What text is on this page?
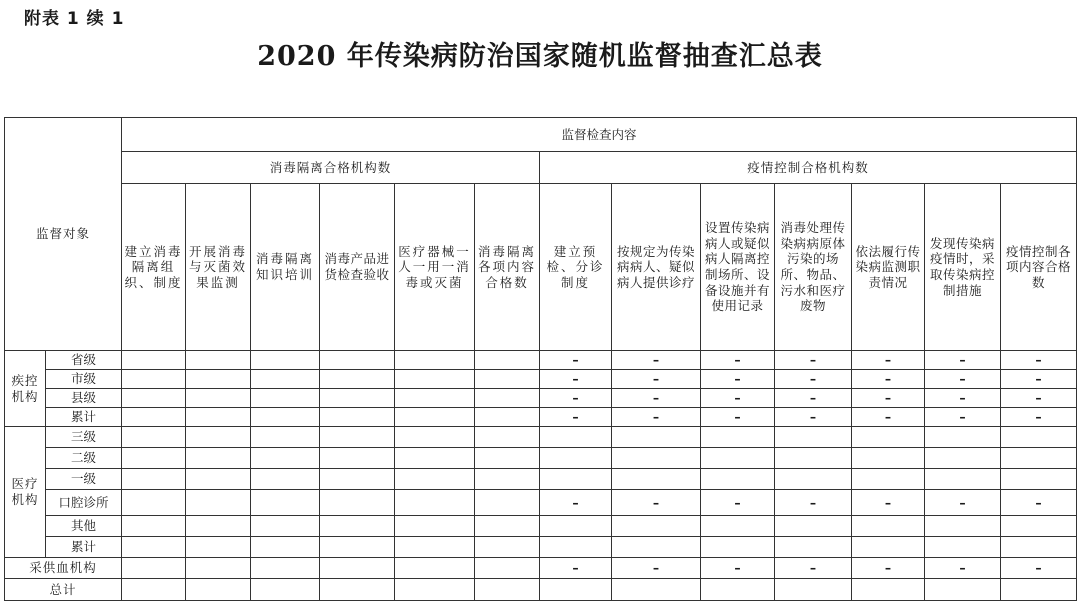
附表 1 续 1
2020 年传染病防治国家随机监督抽查汇总表
监督对象		监督检查内容												
		消毒隔离合格机构数						疫情控制合格机构数						
		建立消毒隔离组织、制度	开展消毒与灭菌效果监测	消毒隔离知识培训	消毒产品进货检查验收	医疗器械一人一用一消毒或灭菌	消毒隔离各项内容合格数	建立预检、分诊制度	按规定为传染病病人、疑似病人提供诊疗	设置传染病病人或疑似病人隔离控制场所、设备设施并有使用记录	消毒处理传染病病原体污染的场所、物品、污水和医疗废物	依法履行传染病监测职责情况	发现传染病疫情时，采取传染病控制措施	疫情控制各项内容合格数
疾控机构	省级							–	–	–	–	–	–	–
	市级							–	–	–	–	–	–	–
	县级							–	–	–	–	–	–	–
	累计							–	–	–	–	–	–	–
医疗机构	三级													
	二级													
	一级													
	口腔诊所							–	–	–	–	–	–	–
	其他													
	累计													
采供血机构								–	–	–	–	–	–	–
总计														
